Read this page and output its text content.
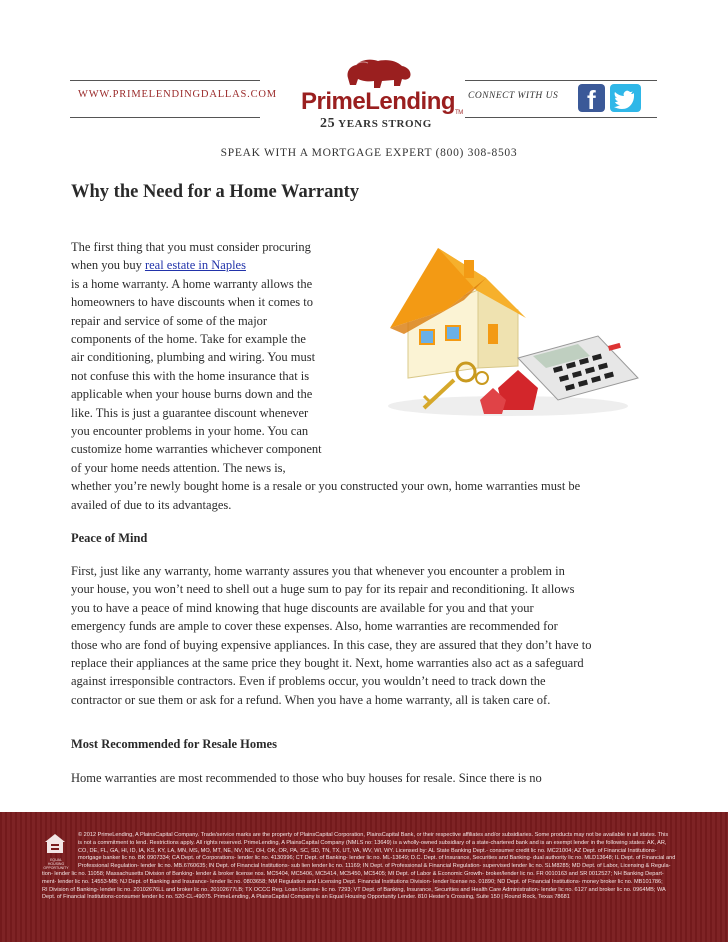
WWW.PRIMELENDINGDALLAS.COM PrimeLendingTM
25 YEARS STRONG
CONNECT WITH US f
SPEAK WITH A MORTGAGE EXPERT (800) 308-8503
Why the Need for a Home Warranty
The first thing that you must consider procuring
when you buy real estate in Naples
is a home warranty. A home warranty allows the
homeowners to have discounts when it comes to
repair and service of some of the major
components of the home. Take for example the
air conditioning, plumbing and wiring. You must
not confuse this with the home insurance that is
applicable when your house burns down and the
like. This is just a guarantee discount whenever
you encounter problems in your home. You can
customize home warranties whichever component
of your home needs attention. The news is,
whether you’re newly bought home is a resale or you constructed your own, home warranties must be
availed of due to its advantages.
Peace of Mind
First, just like any warranty, home warranty assures you that whenever you encounter a problem in
your house, you won’t need to shell out a huge sum to pay for its repair and reconditioning. It allows
you to have a peace of mind knowing that huge discounts are available for you and that your
emergency funds are ample to cover these expenses. Also, home warranties are recommended for
those who are fond of buying expensive appliances. In this case, they are assured that they don’t have to
replace their appliances at the same price they bought it. Next, home warranties also act as a safeguard
against irresponsible contractors. Even if problems occur, you wouldn’t need to track down the
contractor or sue them or ask for a refund. When you have a home warranty, all is taken care of.
Most Recommended for Resale Homes
Home warranties are most recommended to those who buy houses for resale. Since there is no
EQUAL HOUSING OPPORTUNITY
© 2012 PrimeLending, A PlainsCapital Company. Trade/service marks are the property of PlainsCapital Corporation, PlainsCapital Bank, or their respective affiliates and/or subsidiaries. Some products may not be available in all states. This
is not a commitment to lend. Restrictions apply. All rights reserved. PrimeLending, A PlainsCapital Company (NMLS no: 13649) is a wholly-owned subsidiary of a state-chartered bank and is an exempt lender in the following states: AK, AR,
CO, DE, FL, GA, HI, ID, IA, KS, KY, LA, MN, MS, MO, MT, NE, NV, NC, OH, OK, OR, PA, SC, SD, TN, TX, UT, VA, WV, WI, WY. Licensed by: AL State Banking Dept.- consumer credit lic no. MC21004; AZ Dept. of Financial Institutions-
mortgage banker lic no. BK 0907334; CA Dept. of Corporations- lender lic no. 4130996; CT Dept. of Banking- lender lic no. ML-13649; D.C. Dept. of Insurance, Securities and Banking- dual authority lic no. MLD13648; IL Dept. of Financial and
Professional Regulation- lender lic no. MB.6760635; IN Dept. of Financial Institutions- sub lien lender lic no. 11169; IN Dept. of Professional & Financial Regulation- supervised lender lic no. SLM8285; MD Dept. of Labor, Licensing & Regula-
tion- lender lic no. 11058; Massachusetts Division of Banking- lender & broker license nos. MC5404, MC5406, MC5414, MC5450, MC5405; MI Dept. of Labor & Economic Growth- broker/lender lic no. FR 0010163 and SR 0012527; NH Banking Depart-
ment- lender lic no. 14553-MB; NJ Dept. of Banking and Insurance- lender lic no. 0803658; NM Regulation and Licensing Dept. Financial Institutions Division- lender license no. 01890; ND Dept. of Financial Institutions- money broker lic no. MB101786;
RI Division of Banking- lender lic no. 20102676LL and broker lic no. 20102677LB; TX OCCC Reg. Loan License- lic no. 7293; VT Dept. of Banking, Insurance, Securities and Health Care Administration- lender lic no. 6127 and broker lic no. 0964MB; WA
Dept. of Financial Institutions-consumer lender lic no. 520-CL-49075. PrimeLending, A PlainsCapital Company is an Equal Housing Opportunity Lender. 810 Hester’s Crossing, Suite 150 | Round Rock, Texas 78681
